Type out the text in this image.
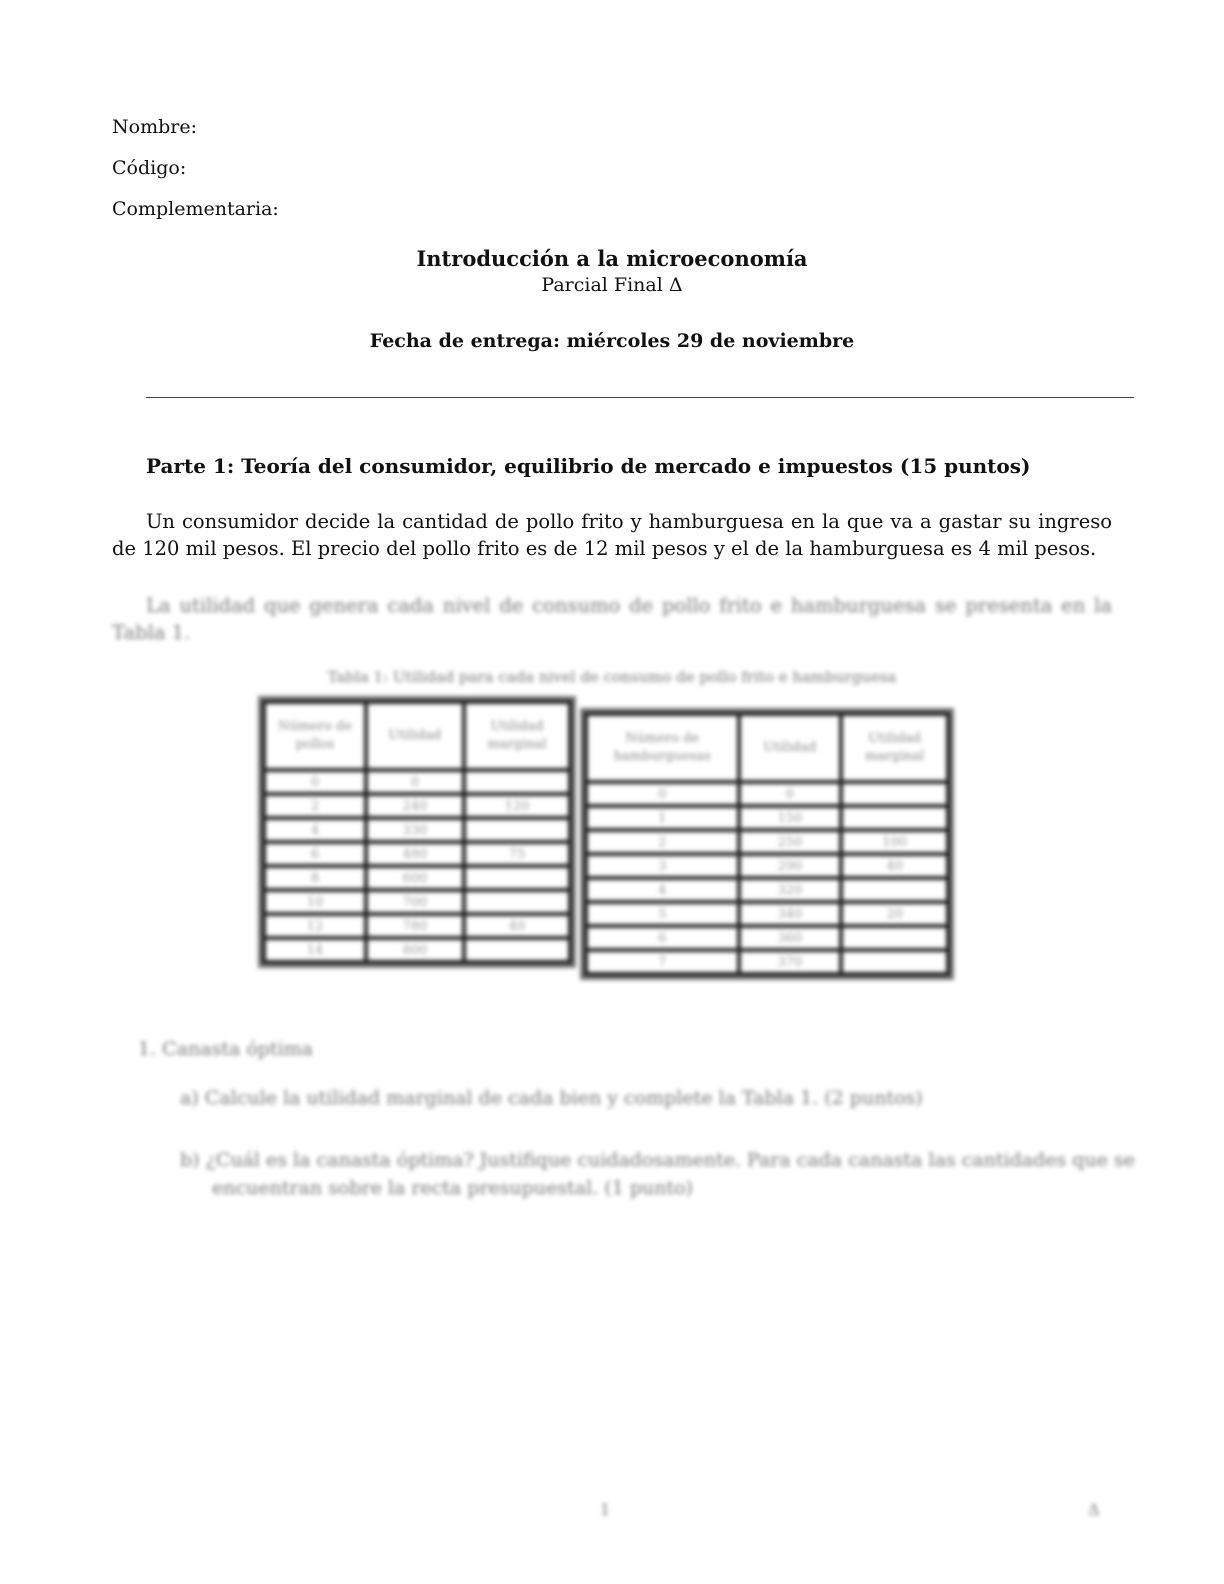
Nombre:
Código:
Complementaria:
Introducción a la microeconomía
Parcial Final Δ
Fecha de entrega: miércoles 29 de noviembre
Parte 1: Teoría del consumidor, equilibrio de mercado e impuestos (15 puntos)
Un consumidor decide la cantidad de pollo frito y hamburguesa en la que va a gastar su ingreso de 120 mil pesos. El precio del pollo frito es de 12 mil pesos y el de la hamburguesa es 4 mil pesos.
La utilidad que genera cada nivel de consumo de pollo frito e hamburguesa se presenta en la Tabla 1.
Tabla 1: Utilidad para cada nivel de consumo de pollo frito e hamburguesa
Número de pollos	Utilidad	Utilidad marginal
0	0	
2	240	120
4	330	
6	480	75
8	600	
10	700	
12	780	40
14	800	
Número de hamburguesas	Utilidad	Utilidad marginal
0	0	
1	150	
2	250	100
3	290	40
4	320	
5	340	20
6	360	
7	370	
1. Canasta óptima
a) Calcule la utilidad marginal de cada bien y complete la Tabla 1. (2 puntos)
b) ¿Cuál es la canasta óptima? Justifique cuidadosamente. Para cada canasta las cantidades que se encuentran sobre la recta presupuestal. (1 punto)
1	Δ
